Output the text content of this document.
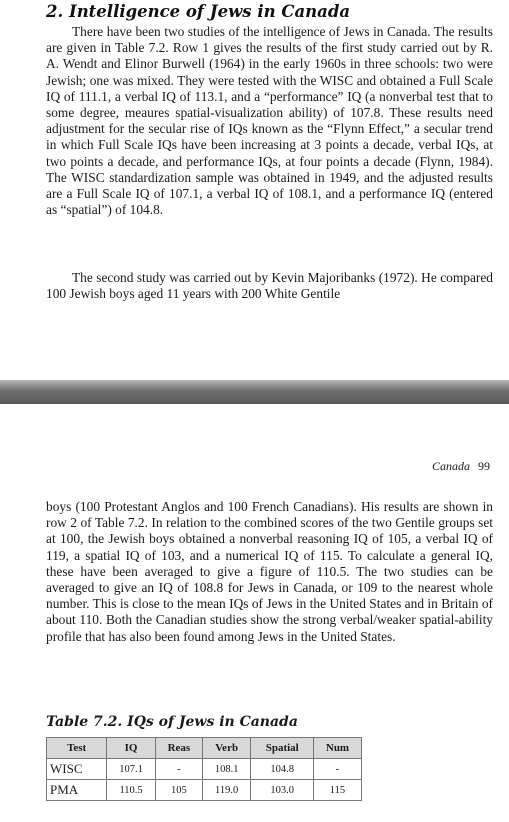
2. Intelligence of Jews in Canada

There have been two studies of the intelligence of Jews in Canada. The results are given in Table 7.2. Row 1 gives the results of the first study carried out by R. A. Wendt and Elinor Burwell (1964) in the early 1960s in three schools: two were Jewish; one was mixed. They were tested with the WISC and obtained a Full Scale IQ of 111.1, a verbal IQ of 113.1, and a “performance” IQ (a nonverbal test that to some degree, meaures spatial-visualization ability) of 107.8. These results need adjustment for the secular rise of IQs known as the “Flynn Effect,” a secular trend in which Full Scale IQs have been increasing at 3 points a decade, verbal IQs, at two points a decade, and performance IQs, at four points a decade (Flynn, 1984). The WISC standardization sample was obtained in 1949, and the adjusted results are a Full Scale IQ of 107.1, a verbal IQ of 108.1, and a performance IQ (entered as “spatial”) of 104.8.

The second study was carried out by Kevin Majoribanks (1972). He compared 100 Jewish boys aged 11 years with 200 White Gentile

Canada 99

boys (100 Protestant Anglos and 100 French Canadians). His results are shown in row 2 of Table 7.2. In relation to the combined scores of the two Gentile groups set at 100, the Jewish boys obtained a nonverbal reasoning IQ of 105, a verbal IQ of 119, a spatial IQ of 103, and a numerical IQ of 115. To calculate a general IQ, these have been averaged to give a figure of 110.5. The two studies can be averaged to give an IQ of 108.8 for Jews in Canada, or 109 to the nearest whole number. This is close to the mean IQs of Jews in the United States and in Britain of about 110. Both the Canadian studies show the strong verbal/weaker spatial-ability profile that has also been found among Jews in the United States.

Table 7.2. IQs of Jews in Canada
Test	IQ	Reas	Verb	Spatial	Num
WISC	107.1	-	108.1	104.8	-
PMA	110.5	105	119.0	103.0	115
